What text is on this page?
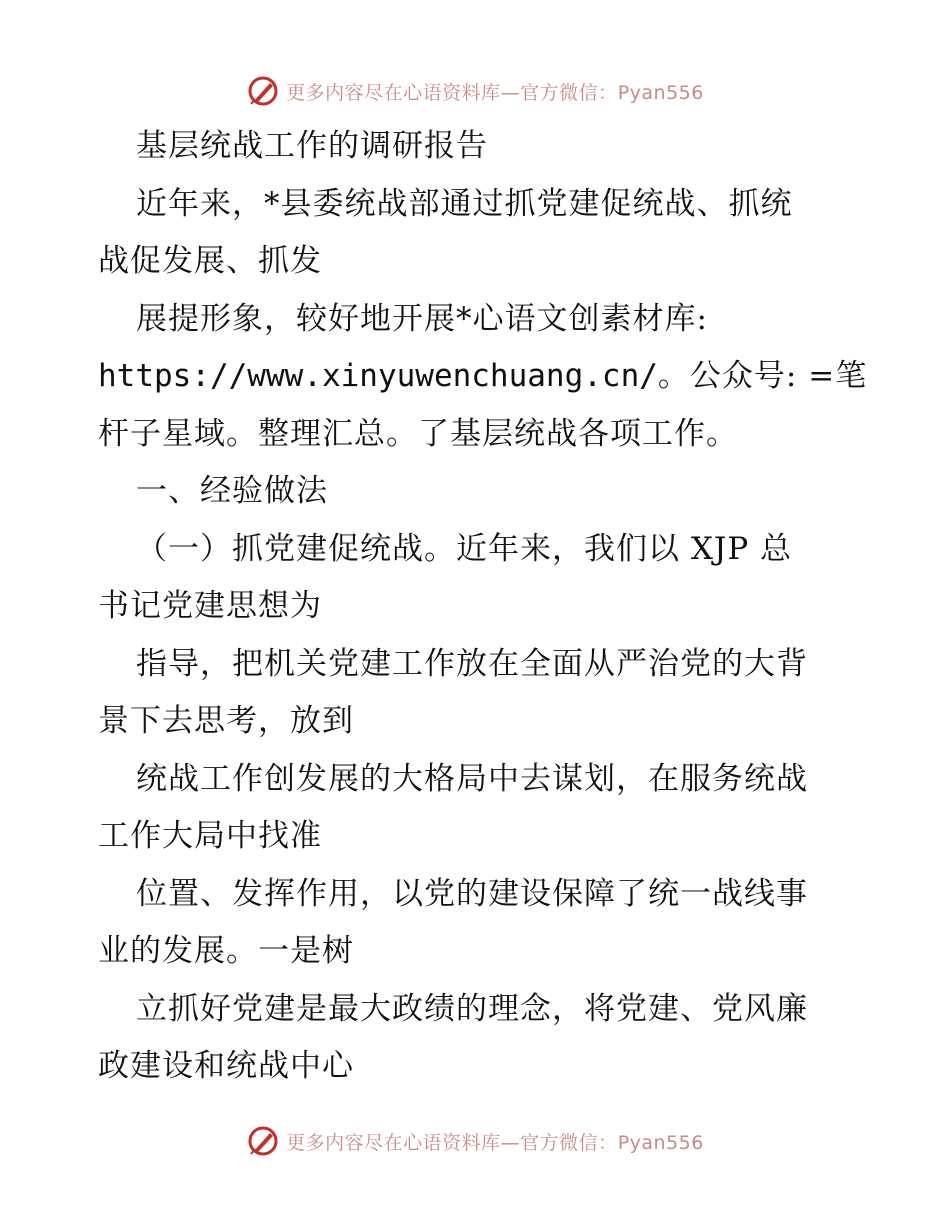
更多内容尽在心语资料库—官方微信：Pyan556
基层统战工作的调研报告
近年来，*县委统战部通过抓党建促统战、抓统
战促发展、抓发
展提形象，较好地开展*心语文创素材库:
https://www.xinyuwenchuang.cn/。公众号: =笔
杆子星域。整理汇总。了基层统战各项工作。
一、经验做法
（一）抓党建促统战。近年来，我们以 XJP 总
书记党建思想为
指导，把机关党建工作放在全面从严治党的大背
景下去思考，放到
统战工作创发展的大格局中去谋划，在服务统战
工作大局中找准
位置、发挥作用，以党的建设保障了统一战线事
业的发展。一是树
立抓好党建是最大政绩的理念，将党建、党风廉
政建设和统战中心
更多内容尽在心语资料库—官方微信：Pyan556
